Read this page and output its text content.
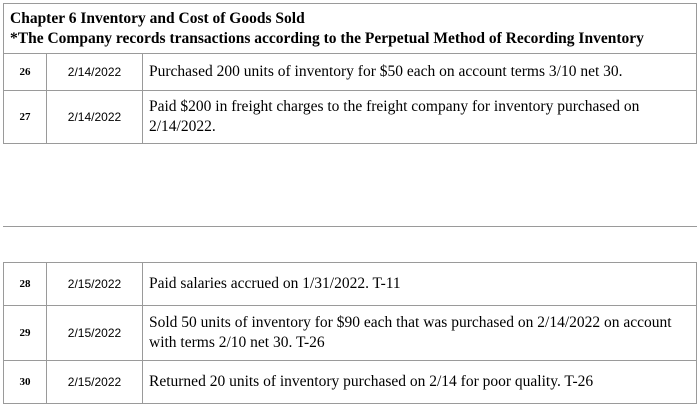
Chapter 6 Inventory and Cost of Goods Sold
*The Company records transactions according to the Perpetual Method of Recording Inventory
26	2/14/2022	Purchased 200 units of inventory for $50 each on account terms 3/10 net 30.
27	2/14/2022	Paid $200 in freight charges to the freight company for inventory purchased on 2/14/2022.
28	2/15/2022	Paid salaries accrued on 1/31/2022. T-11
29	2/15/2022	Sold 50 units of inventory for $90 each that was purchased on 2/14/2022 on account with terms 2/10 net 30. T-26
30	2/15/2022	Returned 20 units of inventory purchased on 2/14 for poor quality. T-26
